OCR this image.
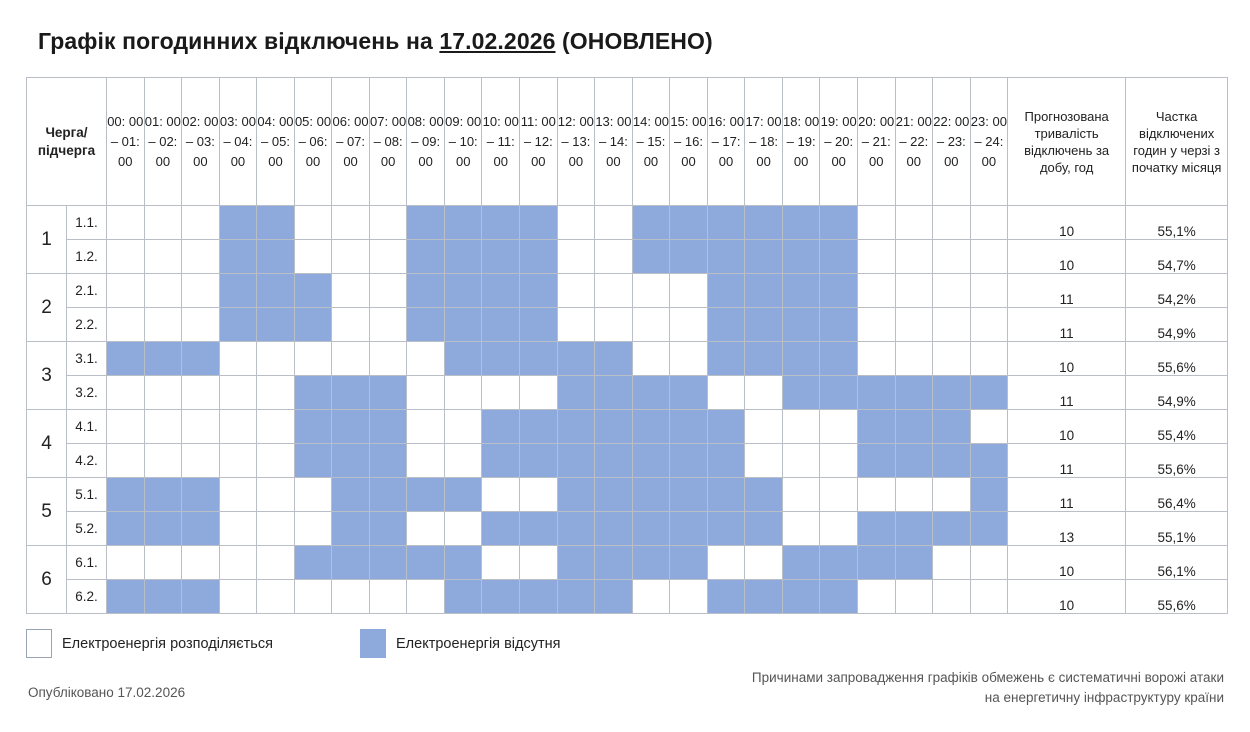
Графік погодинних відключень на 17.02.2026 (ОНОВЛЕНО)
Черга/ підчерга		00: 00 – 01: 00	01: 00 – 02: 00	02: 00 – 03: 00	03: 00 – 04: 00	04: 00 – 05: 00	05: 00 – 06: 00	06: 00 – 07: 00	07: 00 – 08: 00	08: 00 – 09: 00	09: 00 – 10: 00	10: 00 – 11: 00	11: 00 – 12: 00	12: 00 – 13: 00	13: 00 – 14: 00	14: 00 – 15: 00	15: 00 – 16: 00	16: 00 – 17: 00	17: 00 – 18: 00	18: 00 – 19: 00	19: 00 – 20: 00	20: 00 – 21: 00	21: 00 – 22: 00	22: 00 – 23: 00	23: 00 – 24: 00	Прогнозована тривалість відключень за добу, год	Частка відключених годин у черзі з початку місяця
1	1.1.																									10	55,1%
	1.2.																									10	54,7%
2	2.1.																									11	54,2%
	2.2.																									11	54,9%
3	3.1.																									10	55,6%
	3.2.																									11	54,9%
4	4.1.																									10	55,4%
	4.2.																									11	55,6%
5	5.1.																									11	56,4%
	5.2.																									13	55,1%
6	6.1.																									10	56,1%
	6.2.																									10	55,6%
Електроенергія розподіляється	Електроенергія відсутня
Причинами запровадження графіків обмежень є систематичні ворожі атаки
на енергетичну інфраструктуру країни
Опубліковано 17.02.2026
